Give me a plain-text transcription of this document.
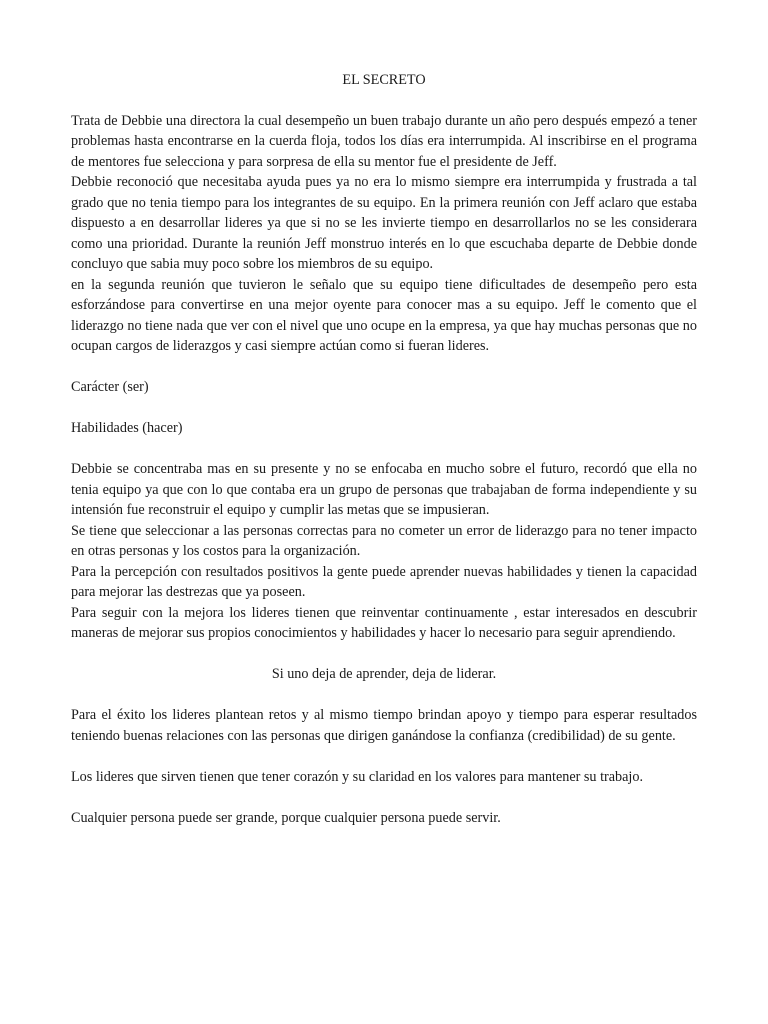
EL SECRETO

Trata de Debbie una directora la cual desempeño un buen trabajo durante un año pero después empezó a tener problemas hasta encontrarse en la cuerda floja, todos los días era interrumpida. Al inscribirse en el programa de mentores fue selecciona y para sorpresa de ella su mentor fue el presidente de Jeff.

Debbie reconoció que necesitaba ayuda pues ya no era lo mismo siempre era interrumpida y frustrada a tal grado que no tenia tiempo para los integrantes de su equipo. En la primera reunión con Jeff aclaro que estaba dispuesto a en desarrollar lideres ya que si no se les invierte tiempo en desarrollarlos no se les considerara como una prioridad. Durante la reunión Jeff monstruo interés en lo que escuchaba departe de Debbie donde concluyo que sabia muy poco sobre los miembros de su equipo.

en la segunda reunión que tuvieron le señalo que su equipo tiene dificultades de desempeño pero esta esforzándose para convertirse en una mejor oyente para conocer mas a su equipo. Jeff le comento que el liderazgo no tiene nada que ver con el nivel que uno ocupe en la empresa, ya que hay muchas personas que no ocupan cargos de liderazgos y casi siempre actúan como si fueran lideres.

Carácter (ser)

Habilidades (hacer)

Debbie se concentraba mas en su presente y no se enfocaba en mucho sobre el futuro, recordó que ella no tenia equipo ya que con lo que contaba era un grupo de personas que trabajaban de forma independiente y su intensión fue reconstruir el equipo y cumplir las metas que se impusieran.

Se tiene que seleccionar a las personas correctas para no cometer un error de liderazgo para no tener impacto en otras personas y los costos para la organización.

Para la percepción con resultados positivos la gente puede aprender nuevas habilidades y tienen la capacidad para mejorar las destrezas que ya poseen.

Para seguir con la mejora los lideres tienen que reinventar continuamente , estar interesados en descubrir maneras de mejorar sus propios conocimientos y habilidades y hacer lo necesario para seguir aprendiendo.

Si uno deja de aprender, deja de liderar.

Para el éxito los lideres plantean retos y al mismo tiempo brindan apoyo y tiempo para esperar resultados teniendo buenas relaciones con las personas que dirigen ganándose la confianza (credibilidad) de su gente.

Los lideres que sirven tienen que tener corazón y su claridad en los valores para mantener su trabajo.

Cualquier persona puede ser grande, porque cualquier persona puede servir.
